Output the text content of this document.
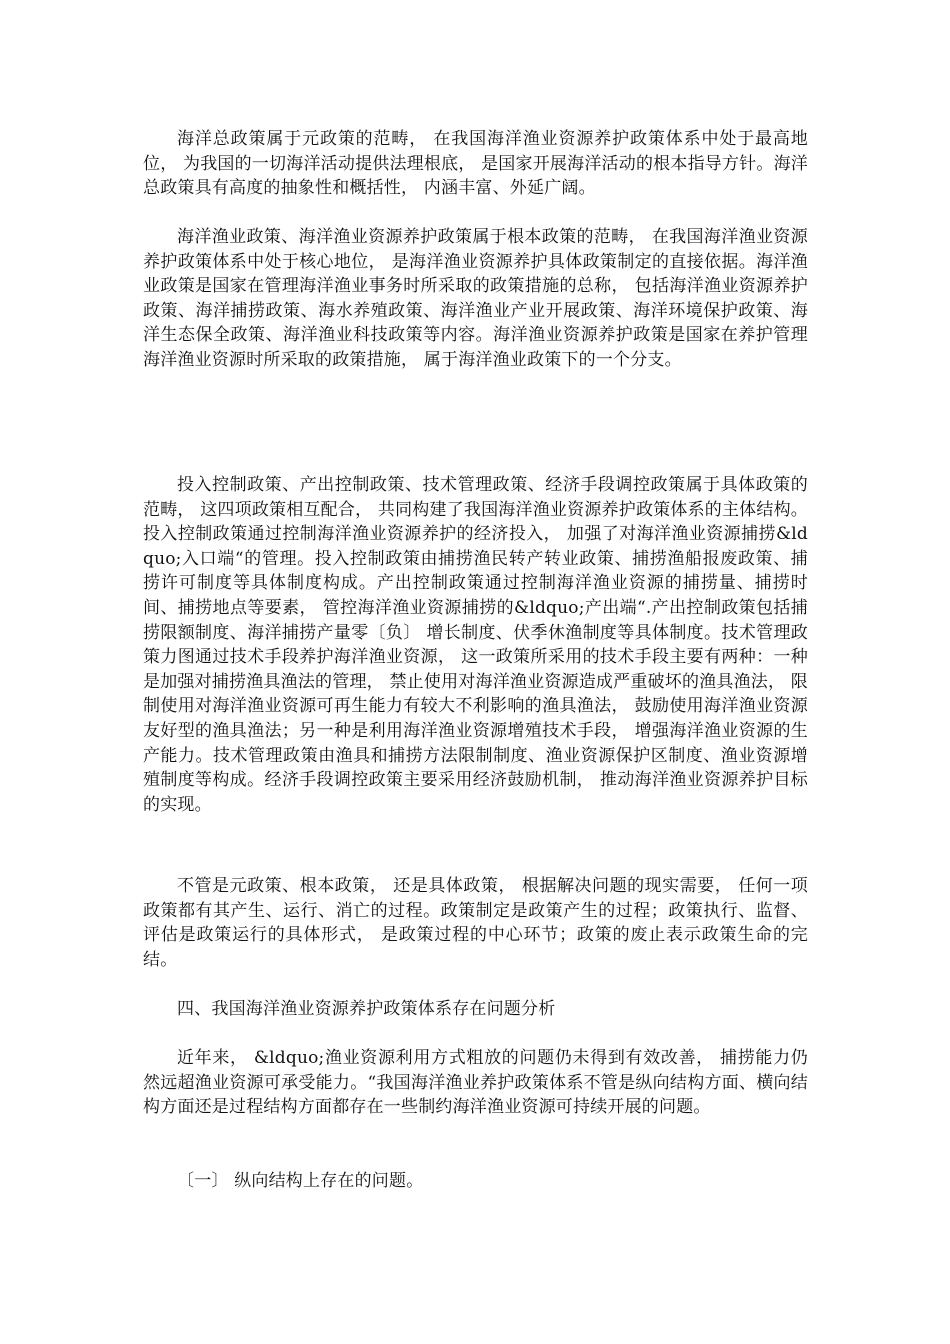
海洋总政策属于元政策的范畴， 在我国海洋渔业资源养护政策体系中处于最高地位， 为我国的一切海洋活动提供法理根底， 是国家开展海洋活动的根本指导方针。海洋总政策具有高度的抽象性和概括性， 内涵丰富、外延广阔。

海洋渔业政策、海洋渔业资源养护政策属于根本政策的范畴， 在我国海洋渔业资源养护政策体系中处于核心地位， 是海洋渔业资源养护具体政策制定的直接依据。海洋渔业政策是国家在管理海洋渔业事务时所采取的政策措施的总称， 包括海洋渔业资源养护政策、海洋捕捞政策、海水养殖政策、海洋渔业产业开展政策、海洋环境保护政策、海洋生态保全政策、海洋渔业科技政策等内容。海洋渔业资源养护政策是国家在养护管理海洋渔业资源时所采取的政策措施， 属于海洋渔业政策下的一个分支。

投入控制政策、产出控制政策、技术管理政策、经济手段调控政策属于具体政策的范畴， 这四项政策相互配合， 共同构建了我国海洋渔业资源养护政策体系的主体结构。投入控制政策通过控制海洋渔业资源养护的经济投入， 加强了对海洋渔业资源捕捞&ldquo;入口端“的管理。投入控制政策由捕捞渔民转产转业政策、捕捞渔船报废政策、捕捞许可制度等具体制度构成。产出控制政策通过控制海洋渔业资源的捕捞量、捕捞时间、捕捞地点等要素， 管控海洋渔业资源捕捞的&ldquo;产出端“.产出控制政策包括捕捞限额制度、海洋捕捞产量零〔负〕 增长制度、伏季休渔制度等具体制度。技术管理政策力图通过技术手段养护海洋渔业资源， 这一政策所采用的技术手段主要有两种：一种是加强对捕捞渔具渔法的管理， 禁止使用对海洋渔业资源造成严重破坏的渔具渔法， 限制使用对海洋渔业资源可再生能力有较大不利影响的渔具渔法， 鼓励使用海洋渔业资源友好型的渔具渔法；另一种是利用海洋渔业资源增殖技术手段， 增强海洋渔业资源的生产能力。技术管理政策由渔具和捕捞方法限制制度、渔业资源保护区制度、渔业资源增殖制度等构成。经济手段调控政策主要采用经济鼓励机制， 推动海洋渔业资源养护目标的实现。

不管是元政策、根本政策， 还是具体政策， 根据解决问题的现实需要， 任何一项政策都有其产生、运行、消亡的过程。政策制定是政策产生的过程；政策执行、监督、评估是政策运行的具体形式， 是政策过程的中心环节；政策的废止表示政策生命的完结。

四、我国海洋渔业资源养护政策体系存在问题分析

近年来， &ldquo;渔业资源利用方式粗放的问题仍未得到有效改善， 捕捞能力仍然远超渔业资源可承受能力。“我国海洋渔业养护政策体系不管是纵向结构方面、横向结构方面还是过程结构方面都存在一些制约海洋渔业资源可持续开展的问题。

〔一〕 纵向结构上存在的问题。
